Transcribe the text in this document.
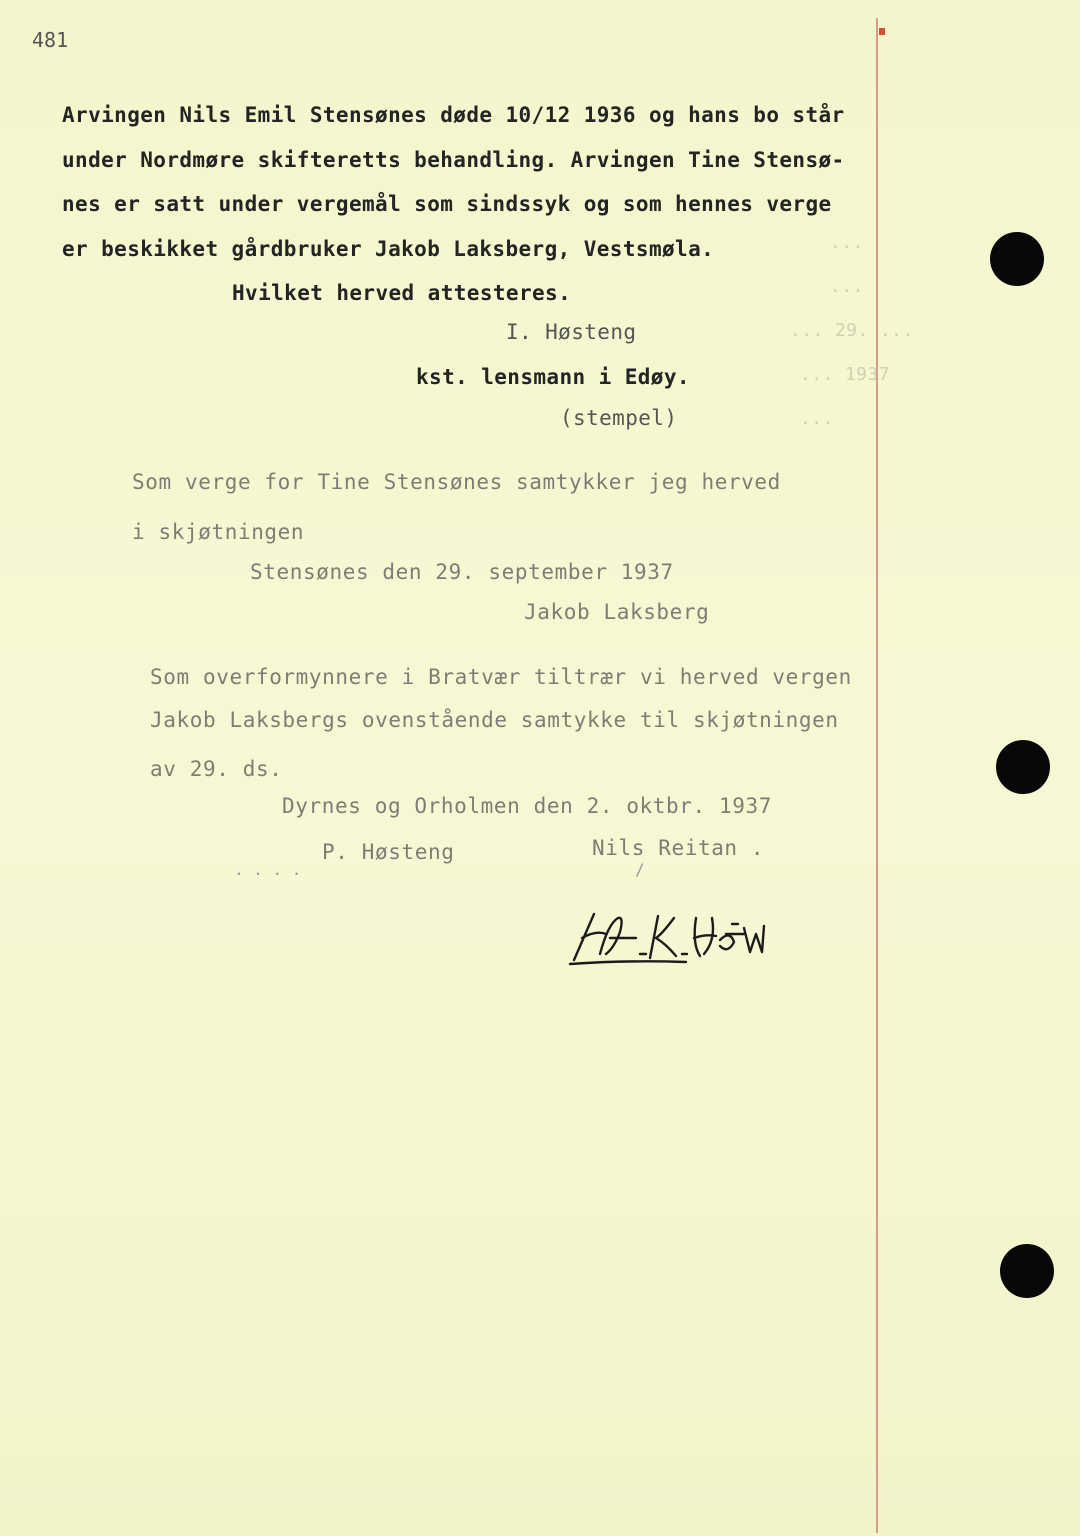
481
...
...
... 29. ...
... 1937
...
Arvingen Nils Emil Stensønes døde 10/12 1936 og hans bo står
under Nordmøre skifteretts behandling. Arvingen Tine Stensø-
nes er satt under vergemål som sindssyk og som hennes verge
er beskikket gårdbruker Jakob Laksberg, Vestsmøla.
Hvilket herved attesteres.
I. Høsteng
kst. lensmann i Edøy.
(stempel)
Som verge for Tine Stensønes samtykker jeg herved
i skjøtningen
Stensønes den 29. september 1937
Jakob Laksberg
Som overformynnere i Bratvær tiltrær vi herved vergen
Jakob Laksbergs ovenstående samtykke til skjøtningen
av 29. ds.
Dyrnes og Orholmen den 2. oktbr. 1937
P. Høsteng	Nils Reitan .
. . . .	/
